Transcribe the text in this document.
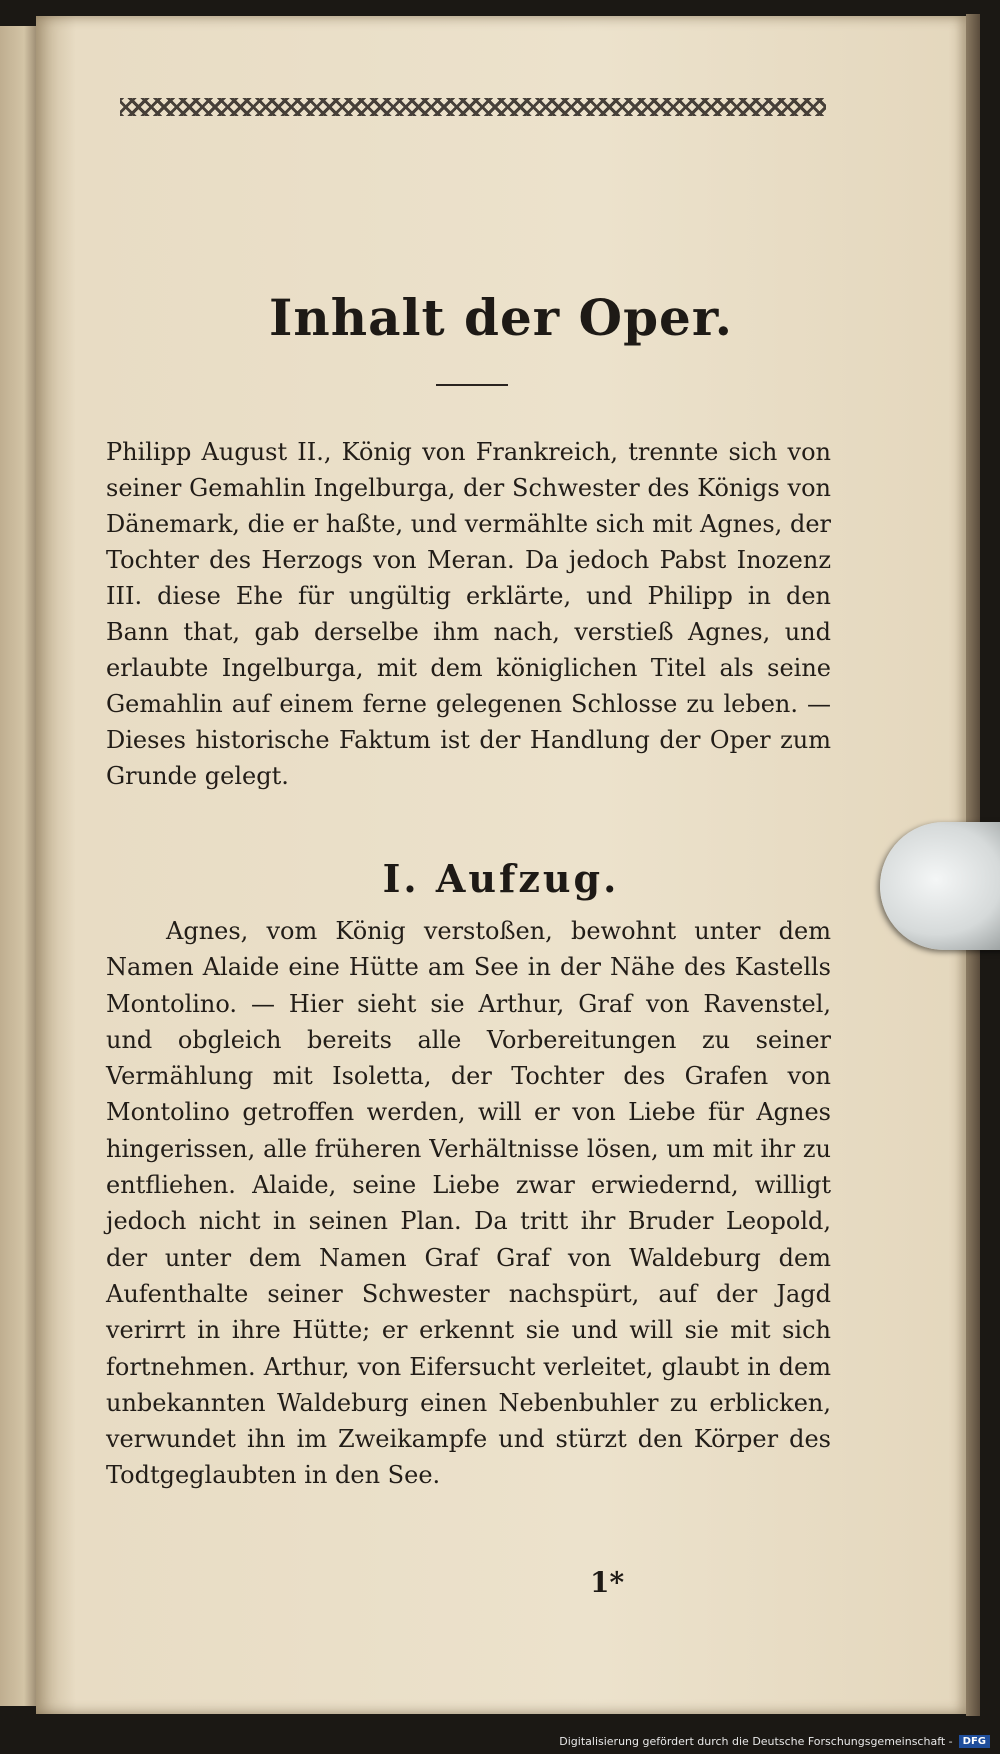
Inhalt der Oper.

Philipp August II., König von Frankreich, trennte sich von seiner Gemahlin Ingelburga, der Schwester des Königs von Dänemark, die er haßte, und vermählte sich mit Agnes, der Tochter des Herzogs von Meran. Da jedoch Pabst Inozenz III. diese Ehe für ungültig erklärte, und Philipp in den Bann that, gab derselbe ihm nach, verstieß Agnes, und erlaubte Ingelburga, mit dem königlichen Titel als seine Gemahlin auf einem ferne gelegenen Schlosse zu leben. — Dieses historische Faktum ist der Handlung der Oper zum Grunde gelegt.

I. Aufzug.

Agnes, vom König verstoßen, bewohnt unter dem Namen Alaide eine Hütte am See in der Nähe des Kastells Montolino. — Hier sieht sie Arthur, Graf von Ravenstel, und obgleich bereits alle Vorbereitungen zu seiner Vermählung mit Isoletta, der Tochter des Grafen von Montolino getroffen werden, will er von Liebe für Agnes hingerissen, alle früheren Verhältnisse lösen, um mit ihr zu entfliehen. Alaide, seine Liebe zwar erwiedernd, willigt jedoch nicht in seinen Plan. Da tritt ihr Bruder Leopold, der unter dem Namen Graf Graf von Waldeburg dem Aufenthalte seiner Schwester nachspürt, auf der Jagd verirrt in ihre Hütte; er erkennt sie und will sie mit sich fortnehmen. Arthur, von Eifersucht verleitet, glaubt in dem unbekannten Waldeburg einen Nebenbuhler zu erblicken, verwundet ihn im Zweikampfe und stürzt den Körper des Todtgeglaubten in den See.

1*
Digitalisierung gefördert durch die Deutsche Forschungsgemeinschaft -	DFG
